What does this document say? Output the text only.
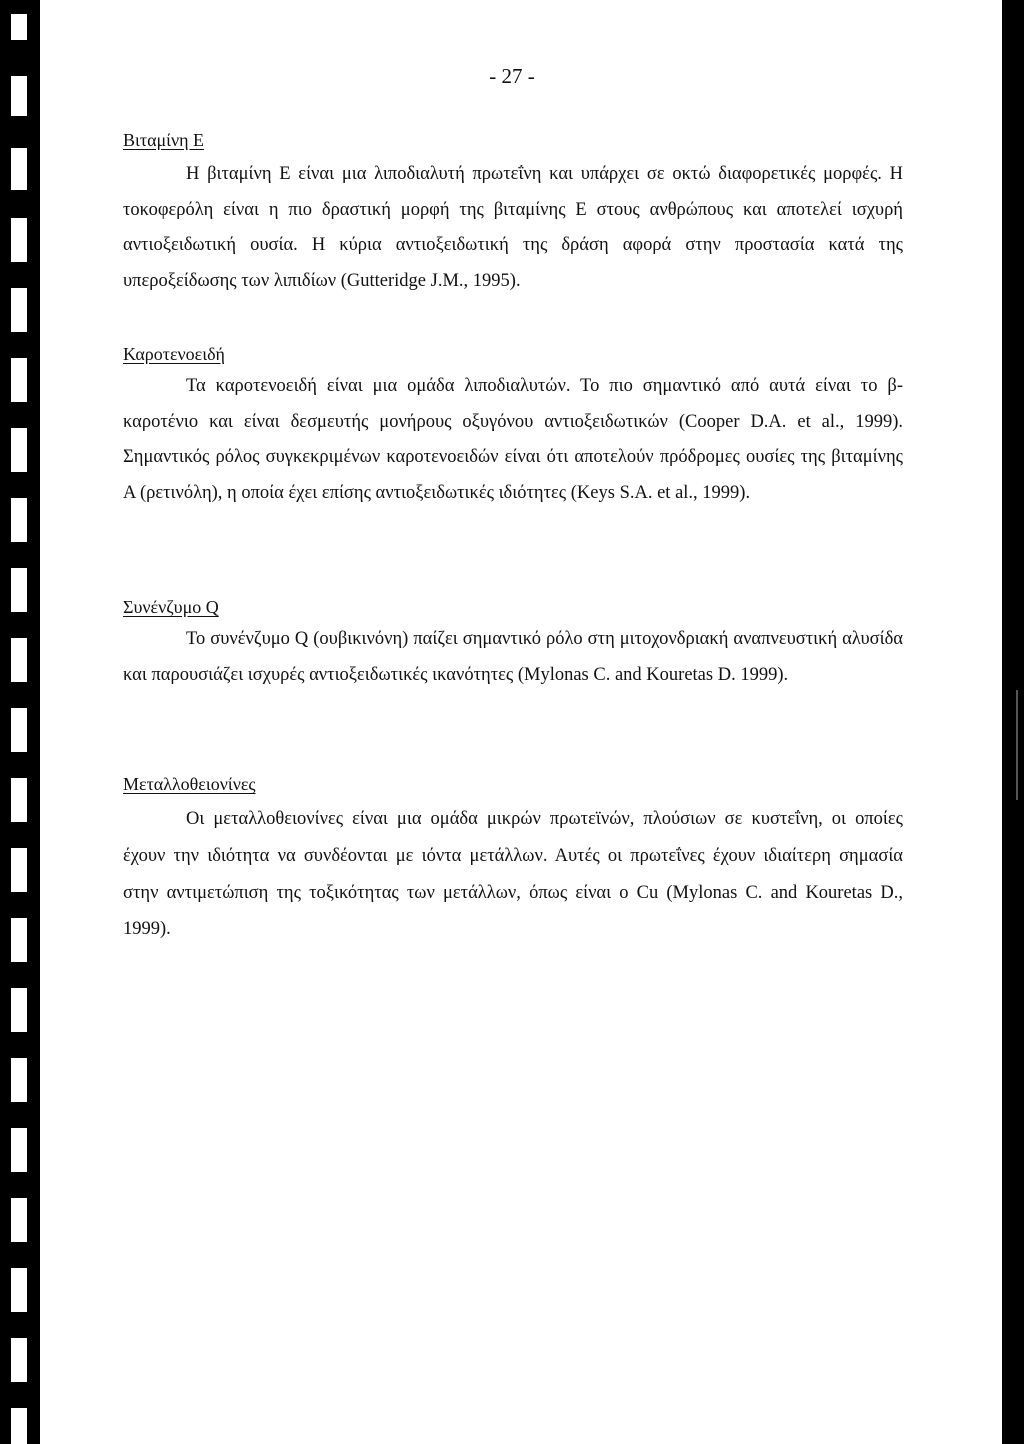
- 27 -
Βιταμίνη Ε

Η βιταμίνη Ε είναι μια λιποδιαλυτή πρωτεΐνη και υπάρχει σε οκτώ διαφορετικές μορφές. Η τοκοφερόλη είναι η πιο δραστική μορφή της βιταμίνης Ε στους ανθρώπους και αποτελεί ισχυρή αντιοξειδωτική ουσία. Η κύρια αντιοξειδωτική της δράση αφορά στην προστασία κατά της υπεροξείδωσης των λιπιδίων (Gutteridge J.M., 1995).

Καροτενοειδή

Τα καροτενοειδή είναι μια ομάδα λιποδιαλυτών. Το πιο σημαντικό από αυτά είναι το β-καροτένιο και είναι δεσμευτής μονήρους οξυγόνου αντιοξειδωτικών (Cooper D.A. et al., 1999). Σημαντικός ρόλος συγκεκριμένων καροτενοειδών είναι ότι αποτελούν πρόδρομες ουσίες της βιταμίνης Α (ρετινόλη), η οποία έχει επίσης αντιοξειδωτικές ιδιότητες (Keys S.A. et al., 1999).

Συνένζυμο Q

Το συνένζυμο Q (ουβικινόνη) παίζει σημαντικό ρόλο στη μιτοχονδριακή αναπνευστική αλυσίδα και παρουσιάζει ισχυρές αντιοξειδωτικές ικανότητες (Mylonas C. and Kouretas D. 1999).

Μεταλλοθειονίνες

Οι μεταλλοθειονίνες είναι μια ομάδα μικρών πρωτεϊνών, πλούσιων σε κυστεΐνη, οι οποίες έχουν την ιδιότητα να συνδέονται με ιόντα μετάλλων. Αυτές οι πρωτεΐνες έχουν ιδιαίτερη σημασία στην αντιμετώπιση της τοξικότητας των μετάλλων, όπως είναι ο Cu (Mylonas C. and Kouretas D., 1999).
